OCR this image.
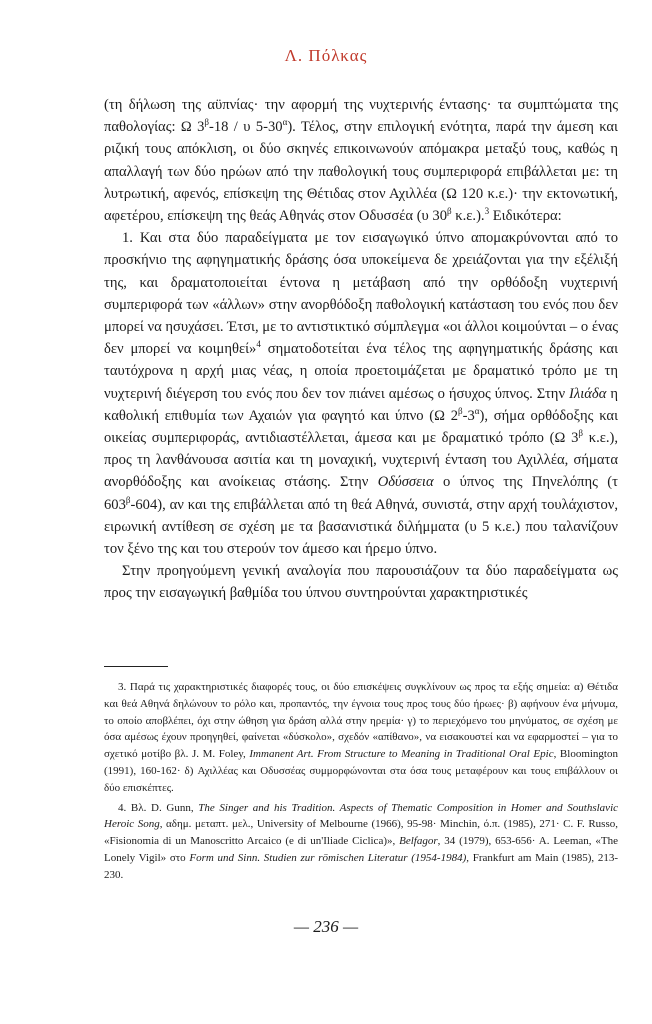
Λ. Πόλκας

(τη δήλωση της αϋπνίας· την αφορμή της νυχτερινής έντασης· τα συμπτώματα της παθολογίας: Ω $3^\beta-18$ / υ $5-30^\alpha$). Τέλος, στην επιλογική ενότητα, παρά την άμεση και ριζική τους απόκλιση, οι δύο σκηνές επικοινωνούν απόμακρα μεταξύ τους, καθώς η απαλλαγή των δύο ηρώων από την παθολογική τους συμπεριφορά επιβάλλεται με: τη λυτρωτική, αφενός, επίσκεψη της Θέτιδας στον Αχιλλέα (Ω 120 κ.ε.)· την εκτονωτική, αφετέρου, επίσκεψη της θεάς Αθηνάς στον Οδυσσέα (υ $30^\beta$ κ.ε.).$^3$ Ειδικότερα:

1. Και στα δύο παραδείγματα με τον εισαγωγικό ύπνο απομακρύνονται από το προσκήνιο της αφηγηματικής δράσης όσα υποκείμενα δε χρειάζονται για την εξέλιξή της, και δραματοποιείται έντονα η μετάβαση από την ορθόδοξη νυχτερινή συμπεριφορά των «άλλων» στην ανορθόδοξη παθολογική κατάσταση του ενός που δεν μπορεί να ησυχάσει. Έτσι, με το αντιστικτικό σύμπλεγμα «οι άλλοι κοιμούνται – ο ένας δεν μπορεί να κοιμηθεί»$^4$ σηματοδοτείται ένα τέλος της αφηγηματικής δράσης και ταυτόχρονα η αρχή μιας νέας, η οποία προετοιμάζεται με δραματικό τρόπο με τη νυχτερινή διέγερση του ενός που δεν τον πιάνει αμέσως ο ήσυχος ύπνος. Στην Ιλιάδα η καθολική επιθυμία των Αχαιών για φαγητό και ύπνο (Ω $2^\beta-3^\alpha$), σήμα ορθόδοξης και οικείας συμπεριφοράς, αντιδιαστέλλεται, άμεσα και με δραματικό τρόπο (Ω $3^\beta$ κ.ε.), προς τη λανθάνουσα ασιτία και τη μοναχική, νυχτερινή ένταση του Αχιλλέα, σήματα ανορθόδοξης και ανοίκειας στάσης. Στην Οδύσσεια ο ύπνος της Πηνελόπης (τ $603^\beta-604$), αν και της επιβάλλεται από τη θεά Αθηνά, συνιστά, στην αρχή τουλάχιστον, ειρωνική αντίθεση σε σχέση με τα βασανιστικά διλήμματα (υ 5 κ.ε.) που ταλανίζουν τον ξένο της και του στερούν τον άμεσο και ήρεμο ύπνο.

Στην προηγούμενη γενική αναλογία που παρουσιάζουν τα δύο παραδείγματα ως προς την εισαγωγική βαθμίδα του ύπνου συντηρούνται χαρακτηριστικές

3. Παρά τις χαρακτηριστικές διαφορές τους, οι δύο επισκέψεις συγκλίνουν ως προς τα εξής σημεία: α) Θέτιδα και θεά Αθηνά δηλώνουν το ρόλο και, προπαντός, την έγνοια τους προς τους δύο ήρωες· β) αφήνουν ένα μήνυμα, το οποίο αποβλέπει, όχι στην ώθηση για δράση αλλά στην ηρεμία· γ) το περιεχόμενο του μηνύματος, σε σχέση με όσα αμέσως έχουν προηγηθεί, φαίνεται «δύσκολο», σχεδόν «απίθανο», να εισακουστεί και να εφαρμοστεί – για το σχετικό μοτίβο βλ. J. M. Foley, Immanent Art. From Structure to Meaning in Traditional Oral Epic, Bloomington (1991), 160-162· δ) Αχιλλέας και Οδυσσέας συμμορφώνονται στα όσα τους μεταφέρουν και τους επιβάλλουν οι δύο επισκέπτες.

4. Βλ. D. Gunn, The Singer and his Tradition. Aspects of Thematic Composition in Homer and Southslavic Heroic Song, αδημ. μεταπτ. μελ., University of Melbourne (1966), 95-98· Minchin, ό.π. (1985), 271· C. F. Russo, «Fisionomia di un Manoscritto Arcaico (e di un'Iliade Ciclica)», Belfagor, 34 (1979), 653-656· A. Leeman, «The Lonely Vigil» στο Form und Sinn. Studien zur römischen Literatur (1954-1984), Frankfurt am Main (1985), 213-230.

— 236 —
